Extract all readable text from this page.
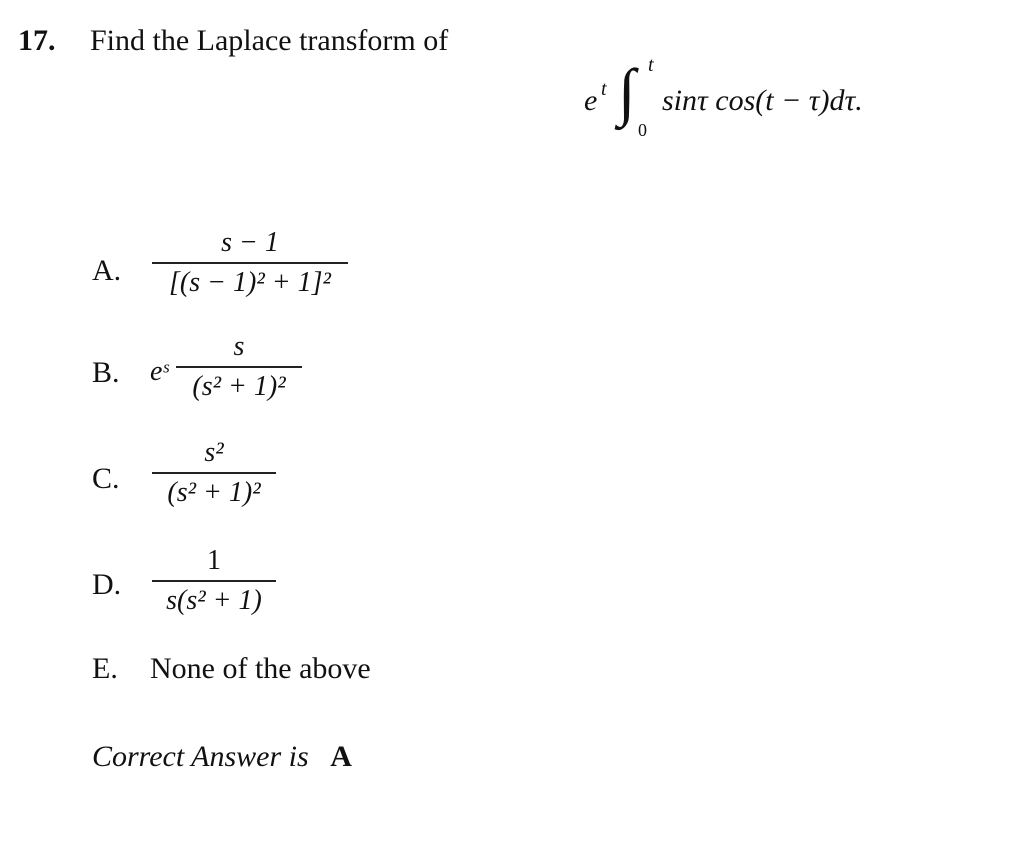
17. Find the Laplace transform of
e t ∫ t
0
sinτ cos(t − τ)dτ.
A.
s − 1
[(s − 1)² + 1]²
B. eˢ
s
(s² + 1)²
C.
s²
(s² + 1)²
D.
1
s(s² + 1)
E. None of the above
Correct Answer is A
